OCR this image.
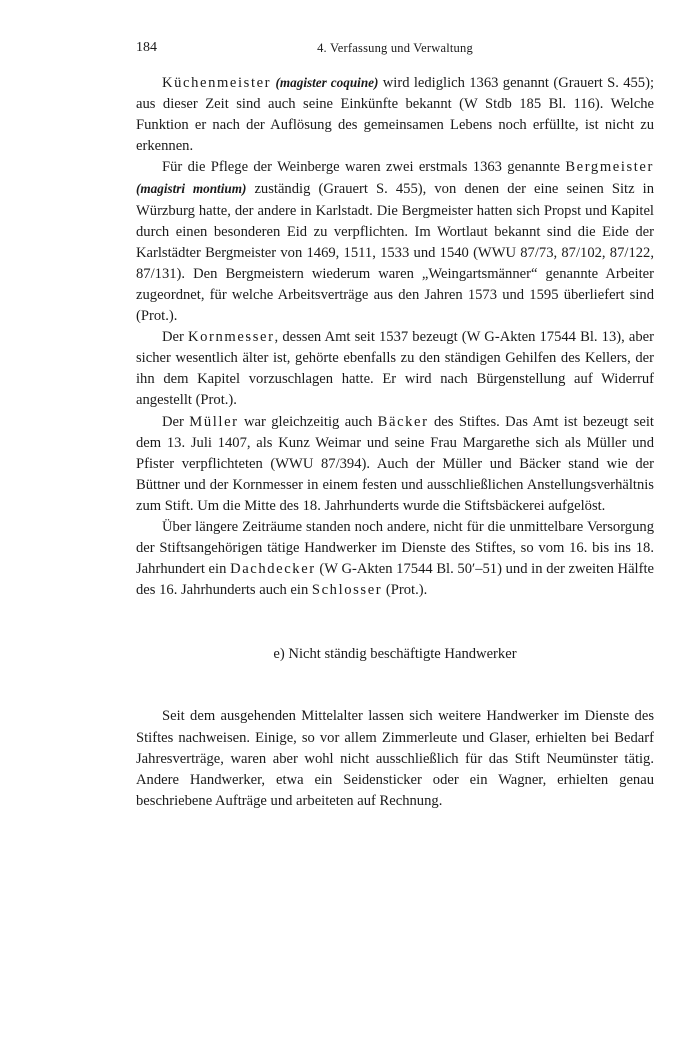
184	4. Verfassung und Verwaltung

Küchenmeister (magister coquine) wird lediglich 1363 genannt (Grauert S. 455); aus dieser Zeit sind auch seine Einkünfte bekannt (W Stdb 185 Bl. 116). Welche Funktion er nach der Auflösung des gemeinsamen Lebens noch erfüllte, ist nicht zu erkennen.

Für die Pflege der Weinberge waren zwei erstmals 1363 genannte Bergmeister (magistri montium) zuständig (Grauert S. 455), von denen der eine seinen Sitz in Würzburg hatte, der andere in Karlstadt. Die Bergmeister hatten sich Propst und Kapitel durch einen besonderen Eid zu verpflichten. Im Wortlaut bekannt sind die Eide der Karlstädter Bergmeister von 1469, 1511, 1533 und 1540 (WWU 87/73, 87/102, 87/122, 87/131). Den Bergmeistern wiederum waren „Weingartsmänner“ genannte Arbeiter zugeordnet, für welche Arbeitsverträge aus den Jahren 1573 und 1595 überliefert sind (Prot.).

Der Kornmesser, dessen Amt seit 1537 bezeugt (W G-Akten 17544 Bl. 13), aber sicher wesentlich älter ist, gehörte ebenfalls zu den ständigen Gehilfen des Kellers, der ihn dem Kapitel vorzuschlagen hatte. Er wird nach Bürgenstellung auf Widerruf angestellt (Prot.).

Der Müller war gleichzeitig auch Bäcker des Stiftes. Das Amt ist bezeugt seit dem 13. Juli 1407, als Kunz Weimar und seine Frau Margarethe sich als Müller und Pfister verpflichteten (WWU 87/394). Auch der Müller und Bäcker stand wie der Büttner und der Kornmesser in einem festen und ausschließlichen Anstellungsverhältnis zum Stift. Um die Mitte des 18. Jahrhunderts wurde die Stiftsbäckerei aufgelöst.

Über längere Zeiträume standen noch andere, nicht für die unmittelbare Versorgung der Stiftsangehörigen tätige Handwerker im Dienste des Stiftes, so vom 16. bis ins 18. Jahrhundert ein Dachdecker (W G-Akten 17544 Bl. 50′–51) und in der zweiten Hälfte des 16. Jahrhunderts auch ein Schlosser (Prot.).

e) Nicht ständig beschäftigte Handwerker

Seit dem ausgehenden Mittelalter lassen sich weitere Handwerker im Dienste des Stiftes nachweisen. Einige, so vor allem Zimmerleute und Glaser, erhielten bei Bedarf Jahresverträge, waren aber wohl nicht ausschließlich für das Stift Neumünster tätig. Andere Handwerker, etwa ein Seidensticker oder ein Wagner, erhielten genau beschriebene Aufträge und arbeiteten auf Rechnung.
